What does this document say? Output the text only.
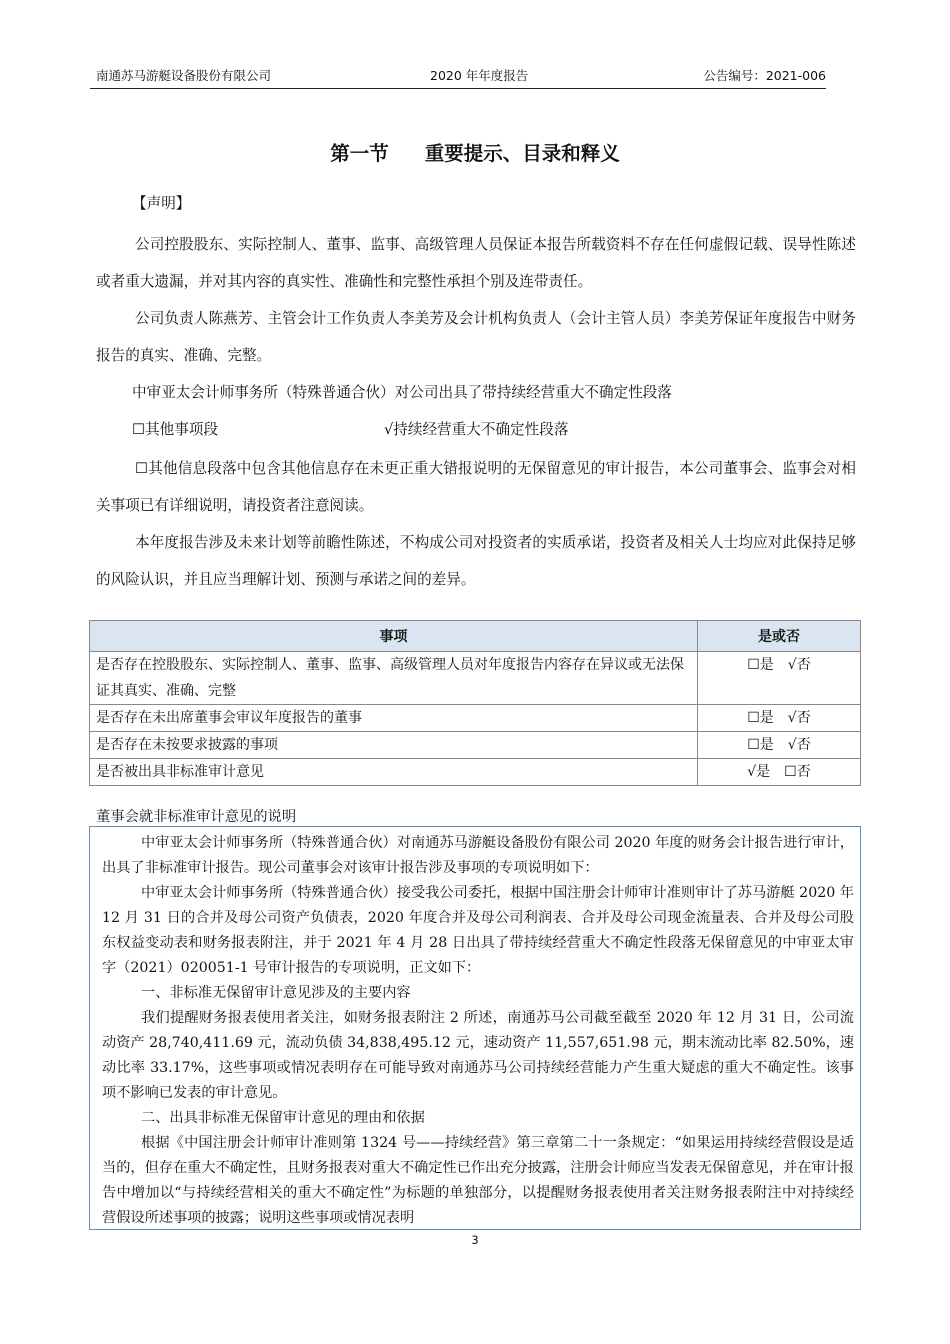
南通苏马游艇设备股份有限公司	2020 年年度报告	公告编号：2021-006
第一节 重要提示、目录和释义
【声明】
公司控股股东、实际控制人、董事、监事、高级管理人员保证本报告所载资料不存在任何虚假记载、误导性陈述或者重大遗漏，并对其内容的真实性、准确性和完整性承担个别及连带责任。
公司负责人陈燕芳、主管会计工作负责人李美芳及会计机构负责人（会计主管人员）李美芳保证年度报告中财务报告的真实、准确、完整。
中审亚太会计师事务所（特殊普通合伙）对公司出具了带持续经营重大不确定性段落
☐其他事项段	√持续经营重大不确定性段落
☐其他信息段落中包含其他信息存在未更正重大错报说明的无保留意见的审计报告，本公司董事会、监事会对相关事项已有详细说明，请投资者注意阅读。
本年度报告涉及未来计划等前瞻性陈述，不构成公司对投资者的实质承诺，投资者及相关人士均应对此保持足够的风险认识，并且应当理解计划、预测与承诺之间的差异。
事项	是或否
是否存在控股股东、实际控制人、董事、监事、高级管理人员对年度报告内容存在异议或无法保证其真实、准确、完整	☐是　√否
是否存在未出席董事会审议年度报告的董事	☐是　√否
是否存在未按要求披露的事项	☐是　√否
是否被出具非标准审计意见	√是　☐否
董事会就非标准审计意见的说明
中审亚太会计师事务所（特殊普通合伙）对南通苏马游艇设备股份有限公司 2020 年度的财务会计报告进行审计，出具了非标准审计报告。现公司董事会对该审计报告涉及事项的专项说明如下：
中审亚太会计师事务所（特殊普通合伙）接受我公司委托，根据中国注册会计师审计准则审计了苏马游艇 2020 年 12 月 31 日的合并及母公司资产负债表，2020 年度合并及母公司利润表、合并及母公司现金流量表、合并及母公司股东权益变动表和财务报表附注，并于 2021 年 4 月 28 日出具了带持续经营重大不确定性段落无保留意见的中审亚太审字（2021）020051-1 号审计报告的专项说明，正文如下：
一、非标准无保留审计意见涉及的主要内容
我们提醒财务报表使用者关注，如财务报表附注 2 所述，南通苏马公司截至截至 2020 年 12 月 31 日，公司流动资产 28,740,411.69 元，流动负债 34,838,495.12 元，速动资产 11,557,651.98 元，期末流动比率 82.50%，速动比率 33.17%，这些事项或情况表明存在可能导致对南通苏马公司持续经营能力产生重大疑虑的重大不确定性。该事项不影响已发表的审计意见。
二、出具非标准无保留审计意见的理由和依据
根据《中国注册会计师审计准则第 1324 号——持续经营》第三章第二十一条规定：“如果运用持续经营假设是适当的，但存在重大不确定性，且财务报表对重大不确定性已作出充分披露，注册会计师应当发表无保留意见，并在审计报告中增加以“与持续经营相关的重大不确定性”为标题的单独部分，以提醒财务报表使用者关注财务报表附注中对持续经营假设所述事项的披露；说明这些事项或情况表明
3
